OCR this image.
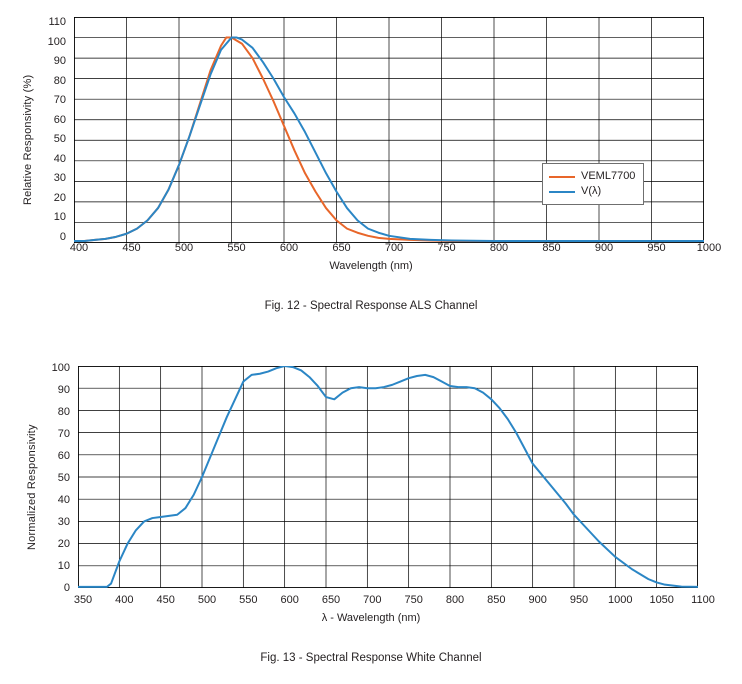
Relative Responsivity (%)
110
100
90
80
70
60
50
40
30
20
10
0
400	450	500	550	600	650	700	750	800	850	900	950	1000
Wavelength (nm)
VEML7700
V(λ)
Fig. 12 - Spectral Response ALS Channel
Normalized Responsivity
100
90
80
70
60
50
40
30
20
10
0
350 400 450 500 550 600 650 700 750 800 850 900 950 1000 1050 1100
λ - Wavelength (nm)
Fig. 13 - Spectral Response White Channel
